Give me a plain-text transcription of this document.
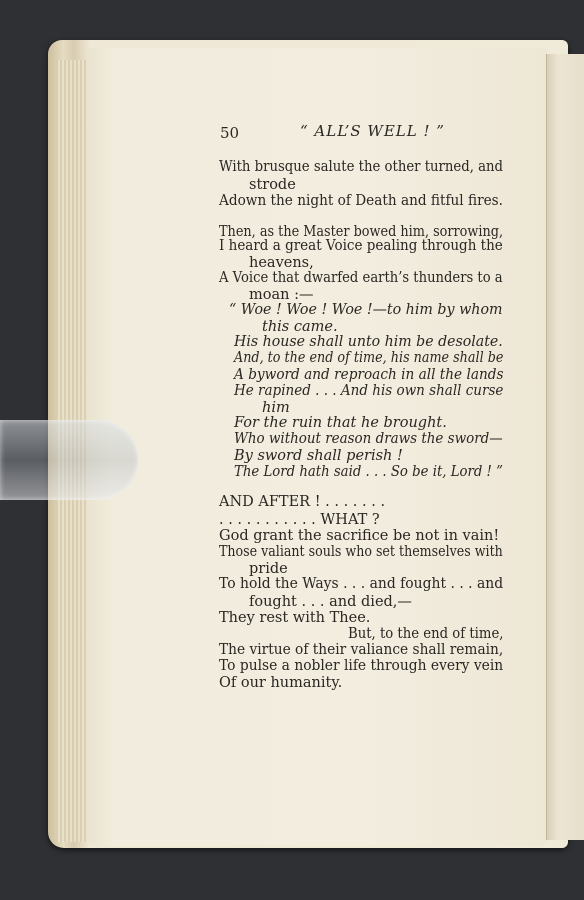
50	“ ALL’S WELL ! ”
With brusque salute the other turned, and
strode
Adown the night of Death and fitful fires.
Then, as the Master bowed him, sorrowing,
I heard a great Voice pealing through the
heavens,
A Voice that dwarfed earth’s thunders to a
moan :—
“ Woe ! Woe ! Woe !—to him by whom
this came.
His house shall unto him be desolate.
And, to the end of time, his name shall be
A byword and reproach in all the lands
He rapined . . . And his own shall curse
him
For the ruin that he brought.
Who without reason draws the sword—
By sword shall perish !
The Lord hath said . . . So be it, Lord ! ”
AND AFTER ! . . . . . . .
. . . . . . . . . . . WHAT ?
God grant the sacrifice be not in vain!
Those valiant souls who set themselves with
pride
To hold the Ways . . . and fought . . . and
fought . . . and died,—
They rest with Thee.
But, to the end of time,
The virtue of their valiance shall remain,
To pulse a nobler life through every vein
Of our humanity.
